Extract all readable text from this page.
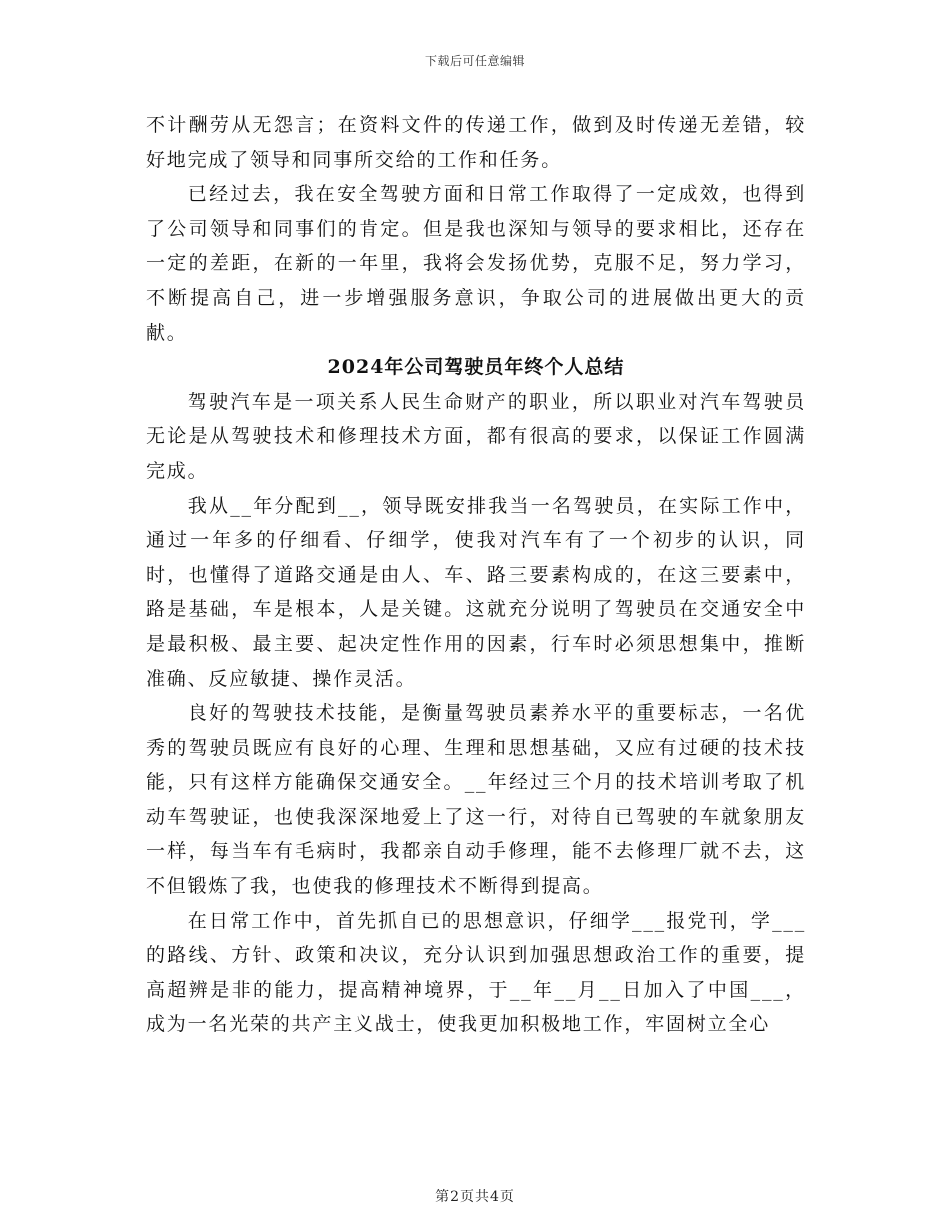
下载后可任意编辑

不计酬劳从无怨言；在资料文件的传递工作，做到及时传递无差错，较好地完成了领导和同事所交给的工作和任务。

已经过去，我在安全驾驶方面和日常工作取得了一定成效，也得到了公司领导和同事们的肯定。但是我也深知与领导的要求相比，还存在一定的差距，在新的一年里，我将会发扬优势，克服不足，努力学习，不断提高自己，进一步增强服务意识，争取公司的进展做出更大的贡献。

2024年公司驾驶员年终个人总结

驾驶汽车是一项关系人民生命财产的职业，所以职业对汽车驾驶员无论是从驾驶技术和修理技术方面，都有很高的要求，以保证工作圆满完成。

我从__年分配到__，领导既安排我当一名驾驶员，在实际工作中，通过一年多的仔细看、仔细学，使我对汽车有了一个初步的认识，同时，也懂得了道路交通是由人、车、路三要素构成的，在这三要素中，路是基础，车是根本，人是关键。这就充分说明了驾驶员在交通安全中是最积极、最主要、起决定性作用的因素，行车时必须思想集中，推断准确、反应敏捷、操作灵活。

良好的驾驶技术技能，是衡量驾驶员素养水平的重要标志，一名优秀的驾驶员既应有良好的心理、生理和思想基础，又应有过硬的技术技能，只有这样方能确保交通安全。__年经过三个月的技术培训考取了机动车驾驶证，也使我深深地爱上了这一行，对待自已驾驶的车就象朋友一样，每当车有毛病时，我都亲自动手修理，能不去修理厂就不去，这不但锻炼了我，也使我的修理技术不断得到提高。

在日常工作中，首先抓自已的思想意识，仔细学___报党刊，学___的路线、方针、政策和决议，充分认识到加强思想政治工作的重要，提高超辨是非的能力，提高精神境界，于__年__月__日加入了中国___，成为一名光荣的共产主义战士，使我更加积极地工作，牢固树立全心

第2页共4页
